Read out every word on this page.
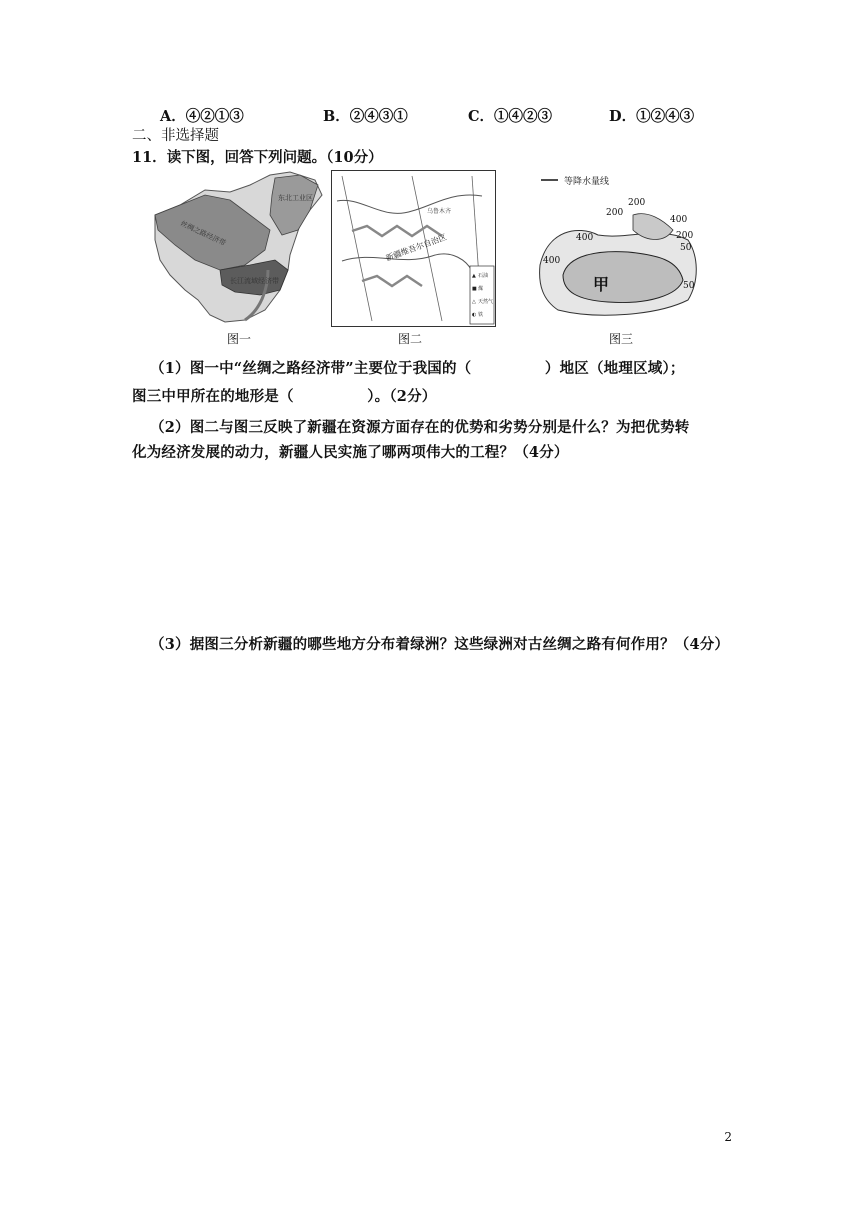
A．④②①③	B．②④③①	C．①④②③	D．①②④③
二、非选择题
11．读下图，回答下列问题。（10分）
东北工业区
丝绸之路经济带
长江流域经济带
新疆维吾尔自治区
乌鲁木齐
▲ 石油
■ 煤
△ 天然气
◐ 铁
等降水量线
200
400
200
400	200
50
400
50
甲
图一	图二	图三
（1）图一中“丝绸之路经济带”主要位于我国的（　　　　　）地区（地理区域）；
图三中甲所在的地形是（　　　　　）。（2分）
（2）图二与图三反映了新疆在资源方面存在的优势和劣势分别是什么？为把优势转
化为经济发展的动力，新疆人民实施了哪两项伟大的工程？（4分）
（3）据图三分析新疆的哪些地方分布着绿洲？这些绿洲对古丝绸之路有何作用？（4分）
2
